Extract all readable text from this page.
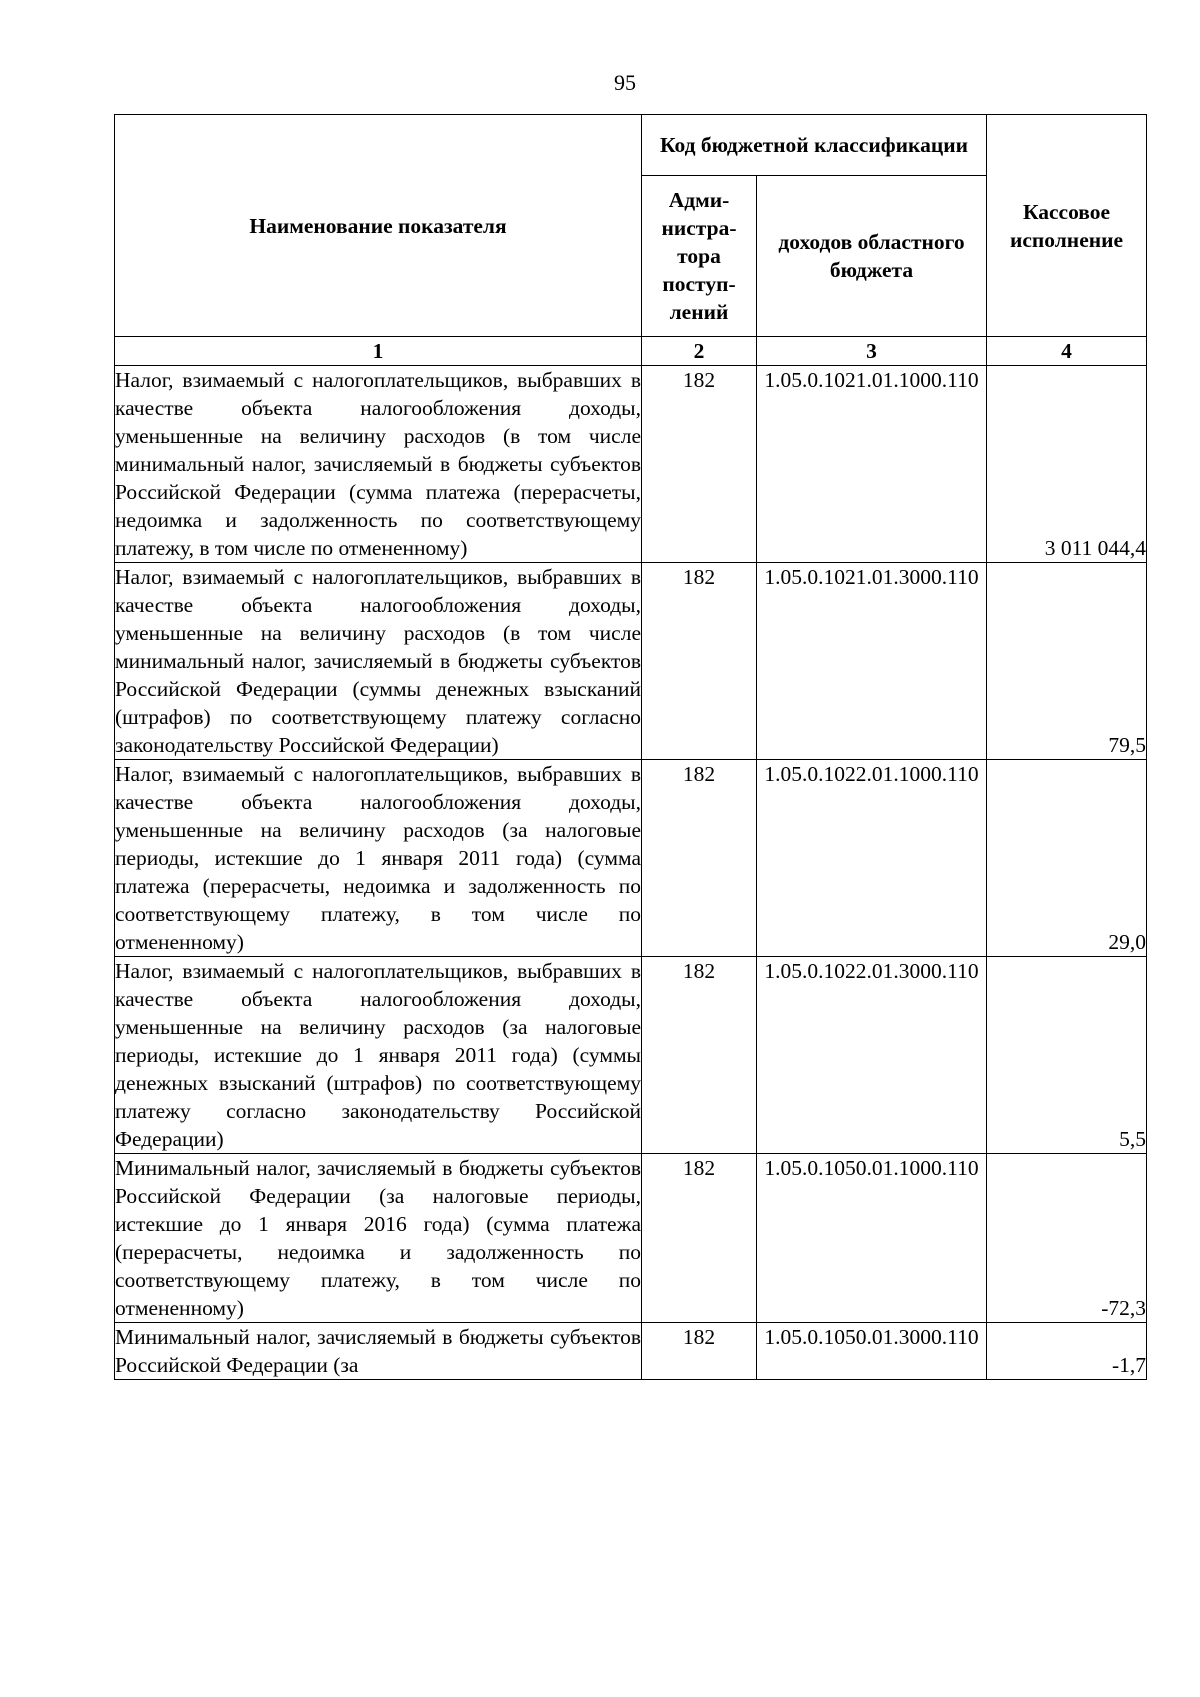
95
Наименование показателя	Код бюджетной классификации		Кассовое исполнение
	Адми-нистра-тора поступ-лений	доходов областного бюджета	
1	2	3	4
Налог, взимаемый с налогоплательщиков, выбравших в качестве объекта налогообложения доходы, уменьшенные на величину расходов (в том числе минимальный налог, зачисляемый в бюджеты субъектов Российской Федерации (сумма платежа (перерасчеты, недоимка и задолженность по соответствующему платежу, в том числе по отмененному)	182	1.05.0.1021.01.1000.110	3 011 044,4
Налог, взимаемый с налогоплательщиков, выбравших в качестве объекта налогообложения доходы, уменьшенные на величину расходов (в том числе минимальный налог, зачисляемый в бюджеты субъектов Российской Федерации (суммы денежных взысканий (штрафов) по соответствующему платежу согласно законодательству Российской Федерации)	182	1.05.0.1021.01.3000.110	79,5
Налог, взимаемый с налогоплательщиков, выбравших в качестве объекта налогообложения доходы, уменьшенные на величину расходов (за налоговые периоды, истекшие до 1 января 2011 года) (сумма платежа (перерасчеты, недоимка и задолженность по соответствующему платежу, в том числе по отмененному)	182	1.05.0.1022.01.1000.110	29,0
Налог, взимаемый с налогоплательщиков, выбравших в качестве объекта налогообложения доходы, уменьшенные на величину расходов (за налоговые периоды, истекшие до 1 января 2011 года) (суммы денежных взысканий (штрафов) по соответствующему платежу согласно законодательству Российской Федерации)	182	1.05.0.1022.01.3000.110	5,5
Минимальный налог, зачисляемый в бюджеты субъектов Российской Федерации (за налоговые периоды, истекшие до 1 января 2016 года) (сумма платежа (перерасчеты, недоимка и задолженность по соответствующему платежу, в том числе по отмененному)	182	1.05.0.1050.01.1000.110	-72,3
Минимальный налог, зачисляемый в бюджеты субъектов Российской Федерации (за	182	1.05.0.1050.01.3000.110	-1,7
